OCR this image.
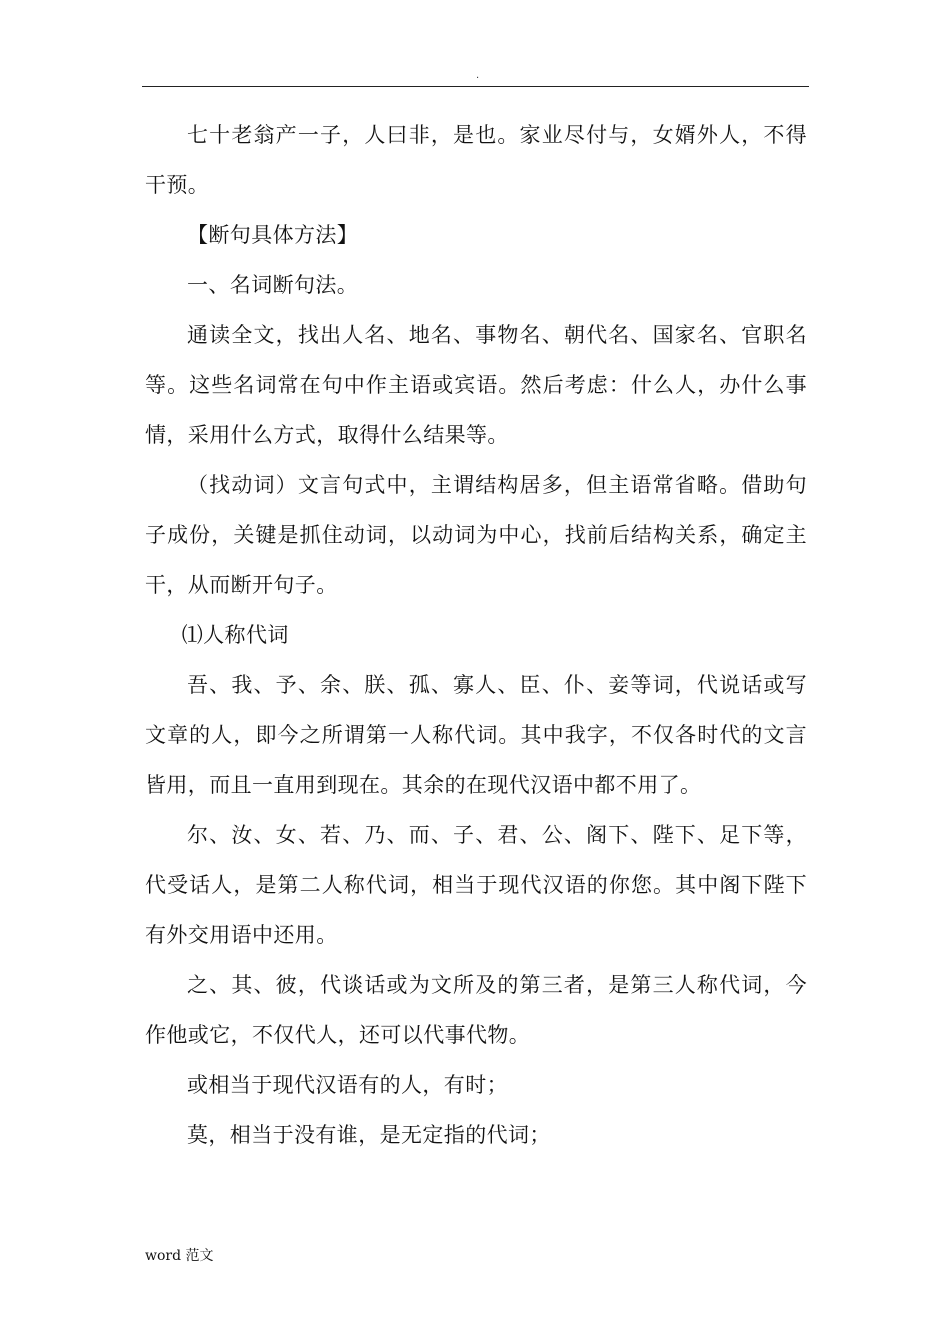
.

七十老翁产一子，人曰非，是也。家业尽付与，女婿外人，不得干预。

【断句具体方法】

一、名词断句法。

通读全文，找出人名、地名、事物名、朝代名、国家名、官职名等。这些名词常在句中作主语或宾语。然后考虑：什么人，办什么事情，采用什么方式，取得什么结果等。

（找动词）文言句式中，主谓结构居多，但主语常省略。借助句子成份，关键是抓住动词，以动词为中心，找前后结构关系，确定主干，从而断开句子。

⑴人称代词

吾、我、予、余、朕、孤、寡人、臣、仆、妾等词，代说话或写文章的人，即今之所谓第一人称代词。其中我字，不仅各时代的文言皆用，而且一直用到现在。其余的在现代汉语中都不用了。

尔、汝、女、若、乃、而、子、君、公、阁下、陛下、足下等，代受话人，是第二人称代词，相当于现代汉语的你您。其中阁下陛下有外交用语中还用。

之、其、彼，代谈话或为文所及的第三者，是第三人称代词，今作他或它，不仅代人，还可以代事代物。

或相当于现代汉语有的人，有时；

莫，相当于没有谁，是无定指的代词；

word 范文
